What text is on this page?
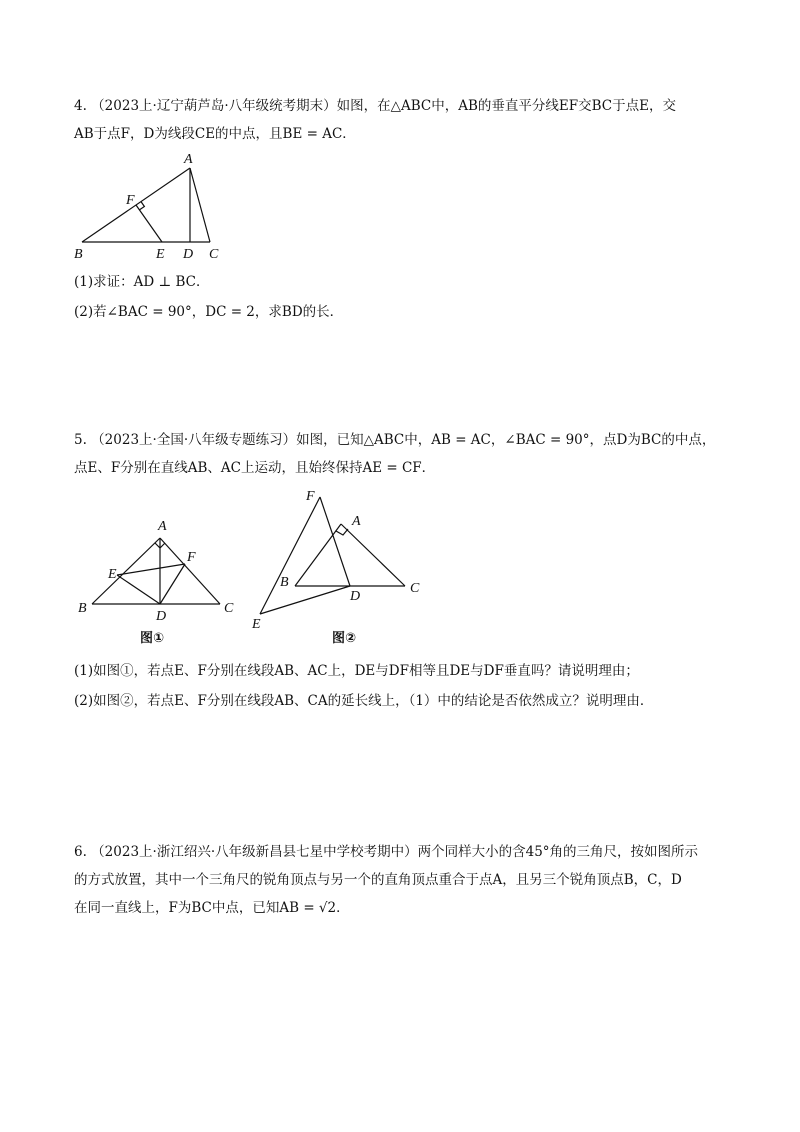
4. （2023上·辽宁葫芦岛·八年级统考期末）如图，在△ABC中，AB的垂直平分线EF交BC于点E，交
AB于点F，D为线段CE的中点，且BE = AC．
A
F
B	E D C
(1)求证：AD ⊥ BC．
(2)若∠BAC = 90°，DC = 2，求BD的长．
5. （2023上·全国·八年级专题练习）如图，已知△ABC中，AB = AC，∠BAC = 90°，点D为BC的中点，
点E、F分别在直线AB、AC上运动，且始终保持AE = CF．
A
E
F
B
D
C
图①
F
A
B
D
C
E
图②
(1)如图①，若点E、F分别在线段AB、AC上，DE与DF相等且DE与DF垂直吗？请说明理由；
(2)如图②，若点E、F分别在线段AB、CA的延长线上，（1）中的结论是否依然成立？说明理由．
6. （2023上·浙江绍兴·八年级新昌县七星中学校考期中）两个同样大小的含45°角的三角尺，按如图所示
的方式放置，其中一个三角尺的锐角顶点与另一个的直角顶点重合于点A，且另三个锐角顶点B，C，D
在同一直线上，F为BC中点，已知AB = √2．
